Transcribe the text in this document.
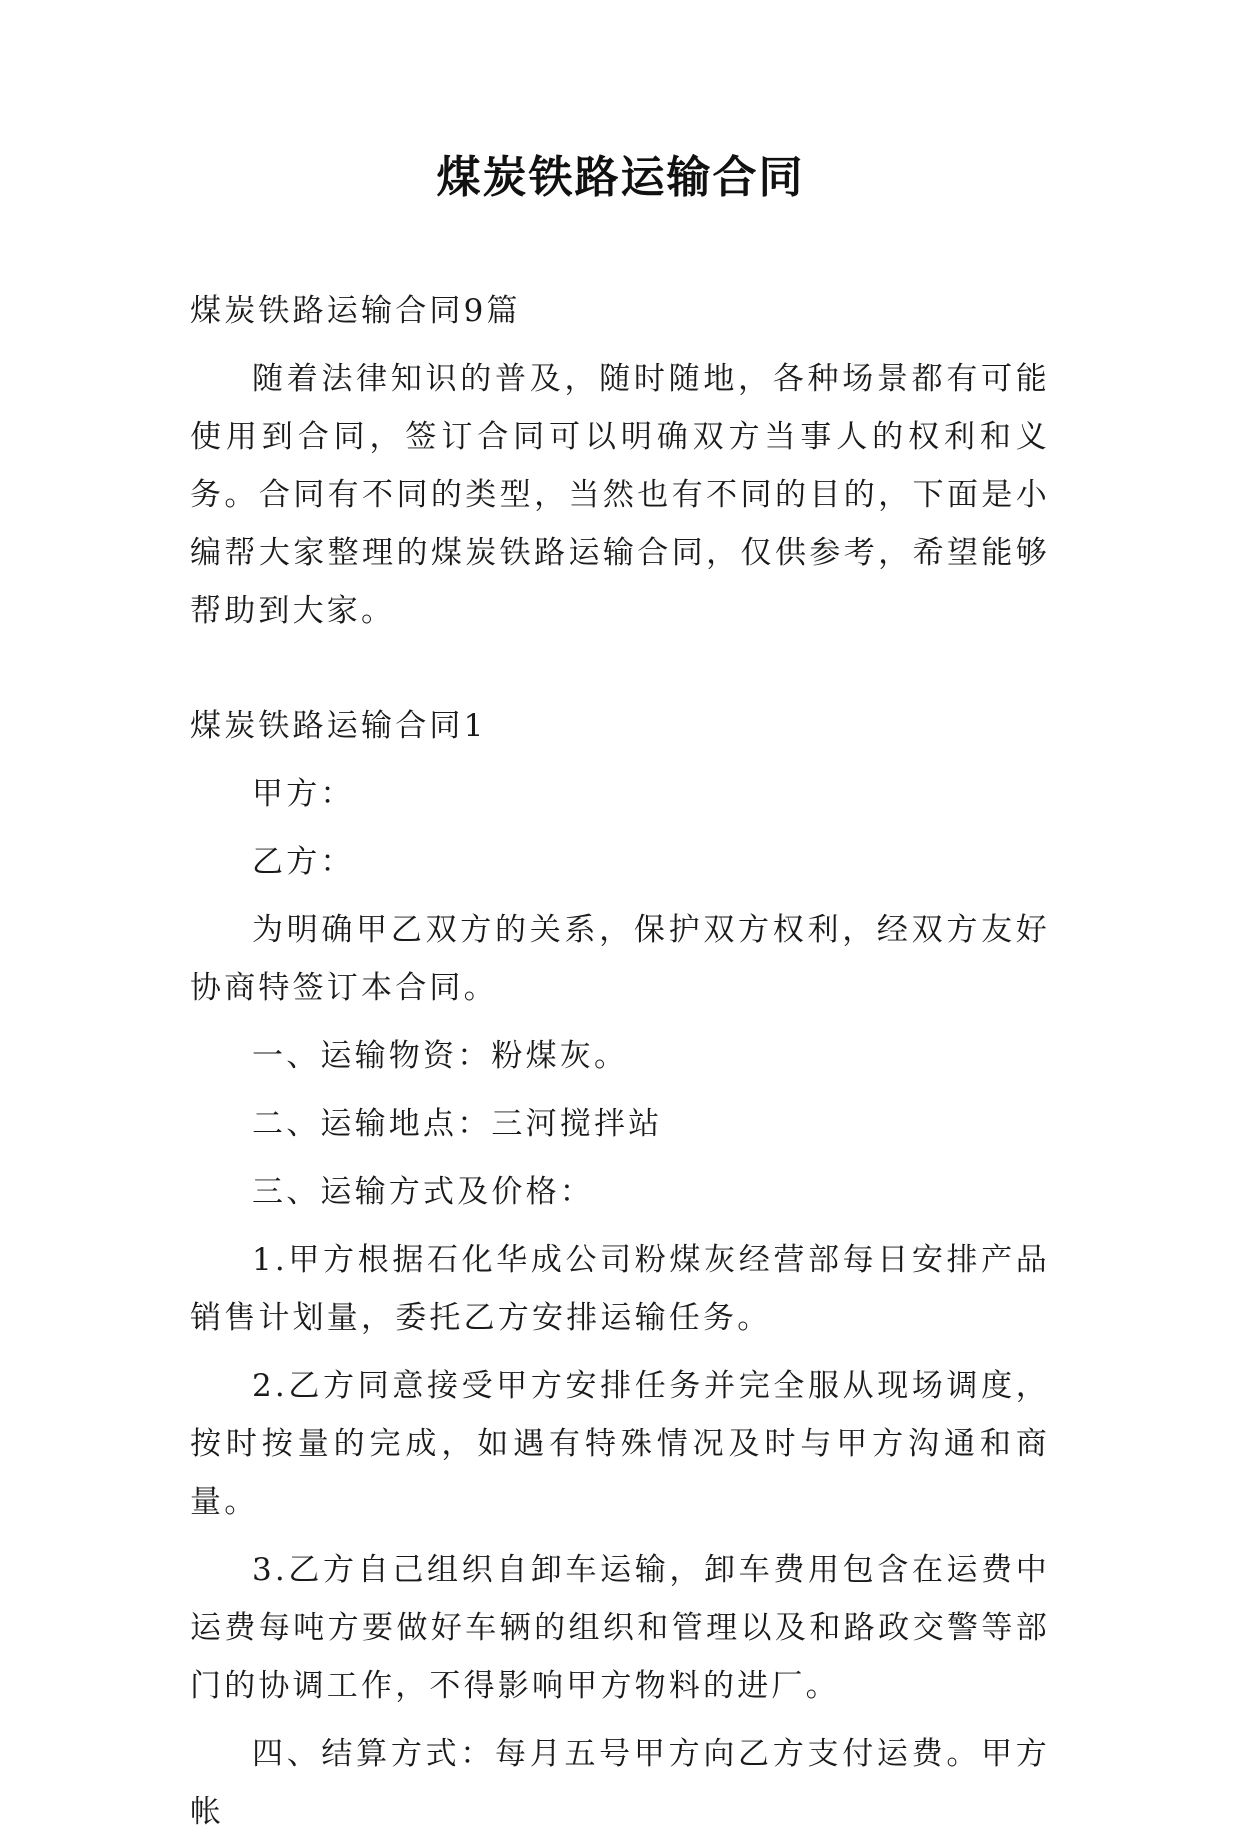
煤炭铁路运输合同

煤炭铁路运输合同9篇

随着法律知识的普及，随时随地，各种场景都有可能使用到合同，签订合同可以明确双方当事人的权利和义务。合同有不同的类型，当然也有不同的目的，下面是小编帮大家整理的煤炭铁路运输合同，仅供参考，希望能够帮助到大家。

煤炭铁路运输合同1

甲方：

乙方：

为明确甲乙双方的关系，保护双方权利，经双方友好协商特签订本合同。

一、运输物资：粉煤灰。

二、运输地点：三河搅拌站

三、运输方式及价格：

1.甲方根据石化华成公司粉煤灰经营部每日安排产品销售计划量，委托乙方安排运输任务。

2.乙方同意接受甲方安排任务并完全服从现场调度，按时按量的完成，如遇有特殊情况及时与甲方沟通和商量。

3.乙方自己组织自卸车运输，卸车费用包含在运费中运费每吨方要做好车辆的组织和管理以及和路政交警等部门的协调工作，不得影响甲方物料的进厂。

四、结算方式：每月五号甲方向乙方支付运费。甲方帐
